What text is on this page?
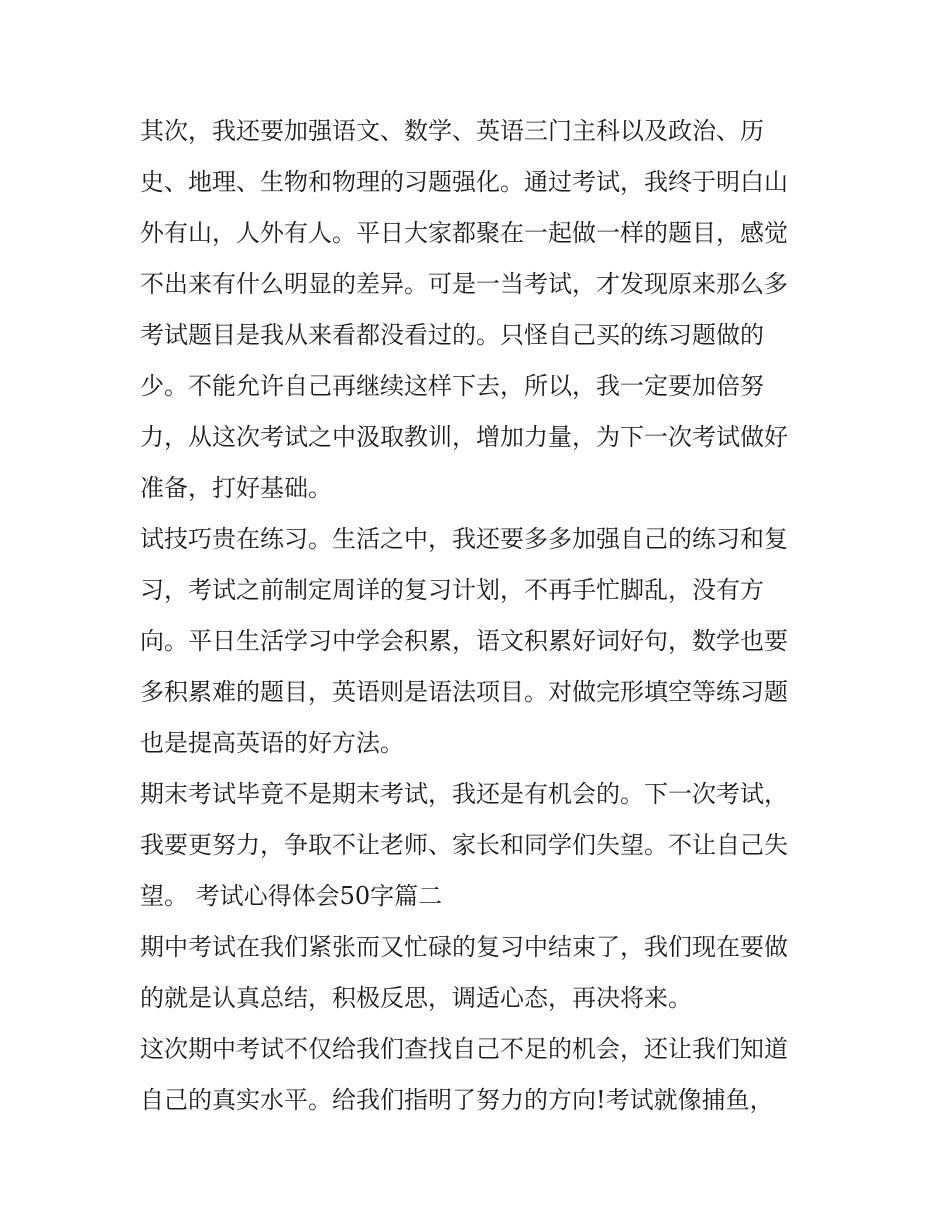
其次，我还要加强语文、数学、英语三门主科以及政治、历
史、地理、生物和物理的习题强化。通过考试，我终于明白山
外有山，人外有人。平日大家都聚在一起做一样的题目，感觉
不出来有什么明显的差异。可是一当考试，才发现原来那么多
考试题目是我从来看都没看过的。只怪自己买的练习题做的
少。不能允许自己再继续这样下去，所以，我一定要加倍努
力，从这次考试之中汲取教训，增加力量，为下一次考试做好
准备，打好基础。
试技巧贵在练习。生活之中，我还要多多加强自己的练习和复
习，考试之前制定周详的复习计划，不再手忙脚乱，没有方
向。平日生活学习中学会积累，语文积累好词好句，数学也要
多积累难的题目，英语则是语法项目。对做完形填空等练习题
也是提高英语的好方法。
期末考试毕竟不是期末考试，我还是有机会的。下一次考试，
我要更努力，争取不让老师、家长和同学们失望。不让自己失
望。 考试心得体会50字篇二
期中考试在我们紧张而又忙碌的复习中结束了，我们现在要做
的就是认真总结，积极反思，调适心态，再决将来。
这次期中考试不仅给我们查找自己不足的机会，还让我们知道
自己的真实水平。给我们指明了努力的方向!考试就像捕鱼，
